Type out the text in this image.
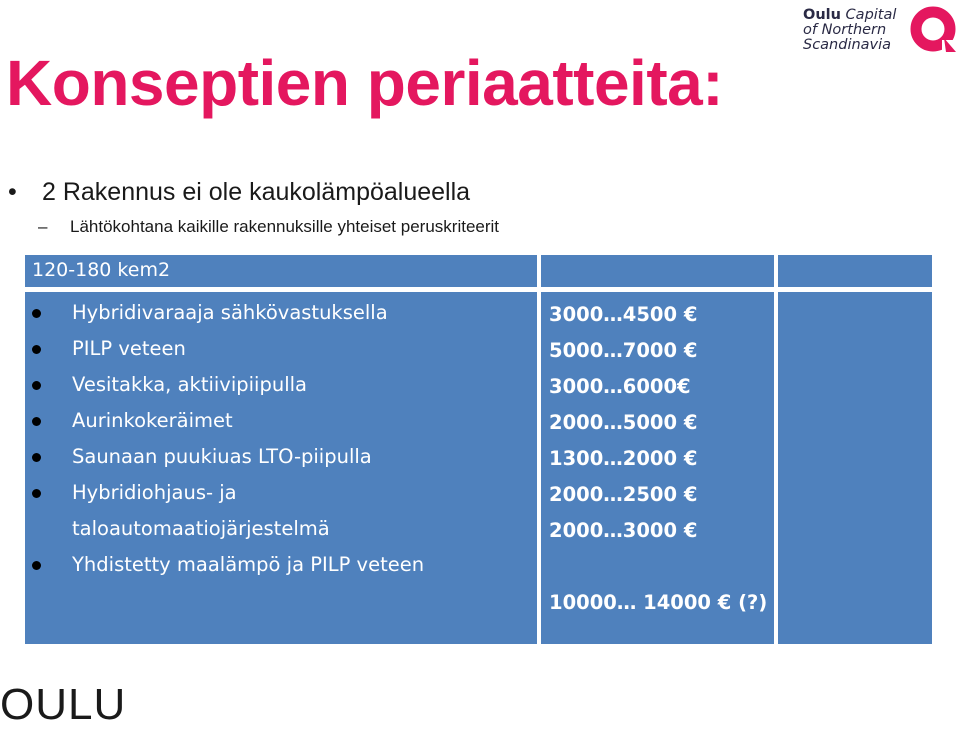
Oulu Capital
of Northern
Scandinavia
Konseptien periaatteita:
• 2 Rakennus ei ole kaukolämpöalueella
– Lähtökohtana kaikille rakennuksille yhteiset peruskriteerit
120-180 kem2
Hybridivaraaja sähkövastuksella
PILP veteen
Vesitakka, aktiivipiipulla
Aurinkokeräimet
Saunaan puukiuas LTO-piipulla
Hybridiohjaus- ja
taloautomaatiojärjestelmä
Yhdistetty maalämpö ja PILP veteen
3000…4500 €
5000…7000 €
3000…6000€
2000…5000 €
1300…2000 €
2000…2500 €
2000…3000 €
10000… 14000 € (?)
OULU
